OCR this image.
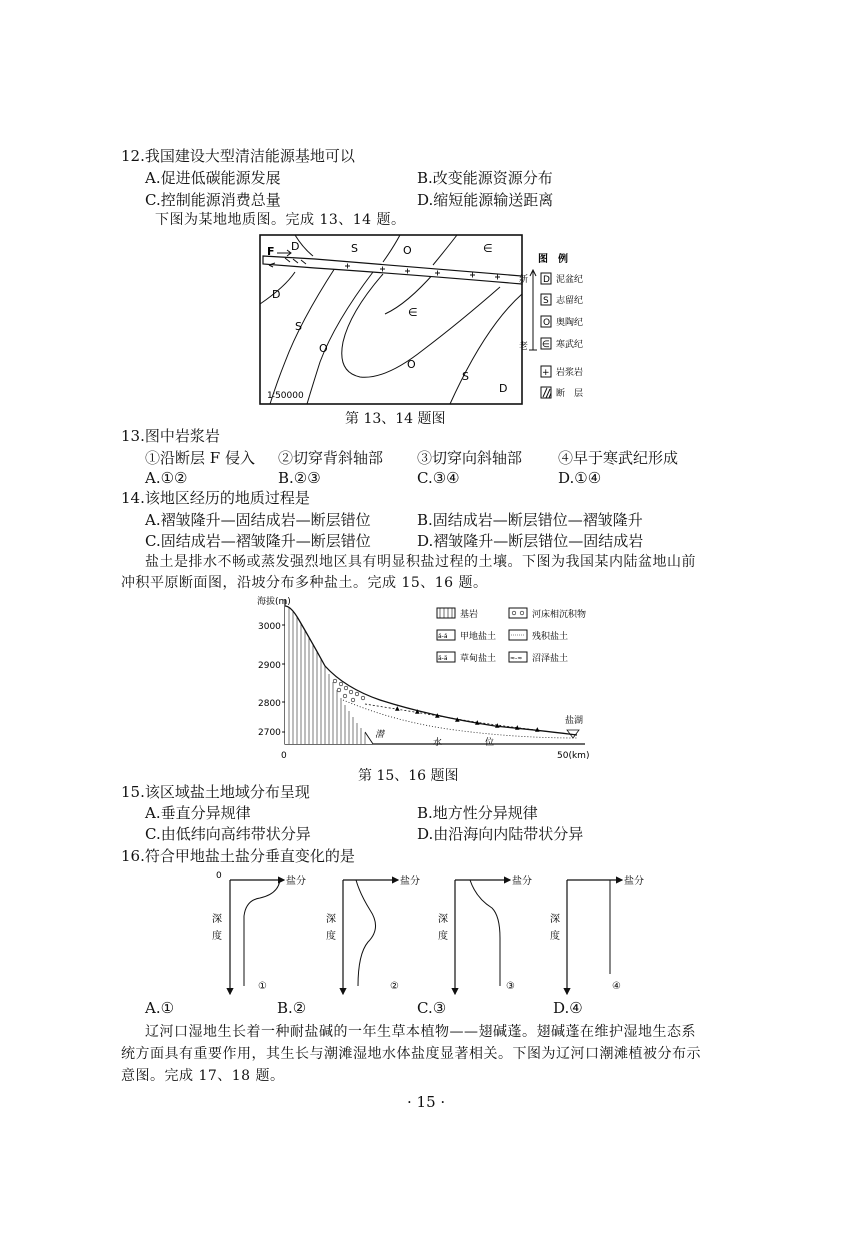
12.我国建设大型清洁能源基地可以
A.促进低碳能源发展	B.改变能源资源分布
C.控制能源消费总量	D.缩短能源输送距离
下图为某地地质图。完成 13、14 题。
F D	S	O	∈
D
S
O
∈
O
S
D
1∶50000
图　例
新
老
D 泥盆纪
S 志留纪
O 奥陶纪
∈ 寒武纪
+ 岩浆岩
断　层
第 13、14 题图
13.图中岩浆岩
①沿断层 F 侵入 ②切穿背斜轴部 ③切穿向斜轴部 ④早于寒武纪形成
A.①②	B.②③	C.③④	D.①④
14.该地区经历的地质过程是
A.褶皱隆升—固结成岩—断层错位	B.固结成岩—断层错位—褶皱隆升
C.固结成岩—褶皱隆升—断层错位	D.褶皱隆升—断层错位—固结成岩
盐土是排水不畅或蒸发强烈地区具有明显积盐过程的土壤。下图为我国某内陆盆地山前
冲积平原断面图，沿坡分布多种盐土。完成 15、16 题。
海拔(m)
3000
2900
2800
2700
0	50(km)
▲	▲
▲
▲	▲	▲	▲	▲
潜
水	位
盐湖
基岩	河床相沉积物
á-á 甲地盐土	残积盐土
ä-ä 草甸盐土 ≈-≈ 沼泽盐土
第 15、16 题图
15.该区域盐土地域分布呈现
A.垂直分异规律	B.地方性分异规律
C.由低纬向高纬带状分异	D.由沿海向内陆带状分异
16.符合甲地盐土盐分垂直变化的是
0	盐分
深
度
①
盐分
深
度
②
盐分
深
度
③
盐分
深
度
④
A.①	B.②	C.③	D.④
辽河口湿地生长着一种耐盐碱的一年生草本植物——翅碱蓬。翅碱蓬在维护湿地生态系
统方面具有重要作用，其生长与潮滩湿地水体盐度显著相关。下图为辽河口潮滩植被分布示
意图。完成 17、18 题。
· 15 ·
